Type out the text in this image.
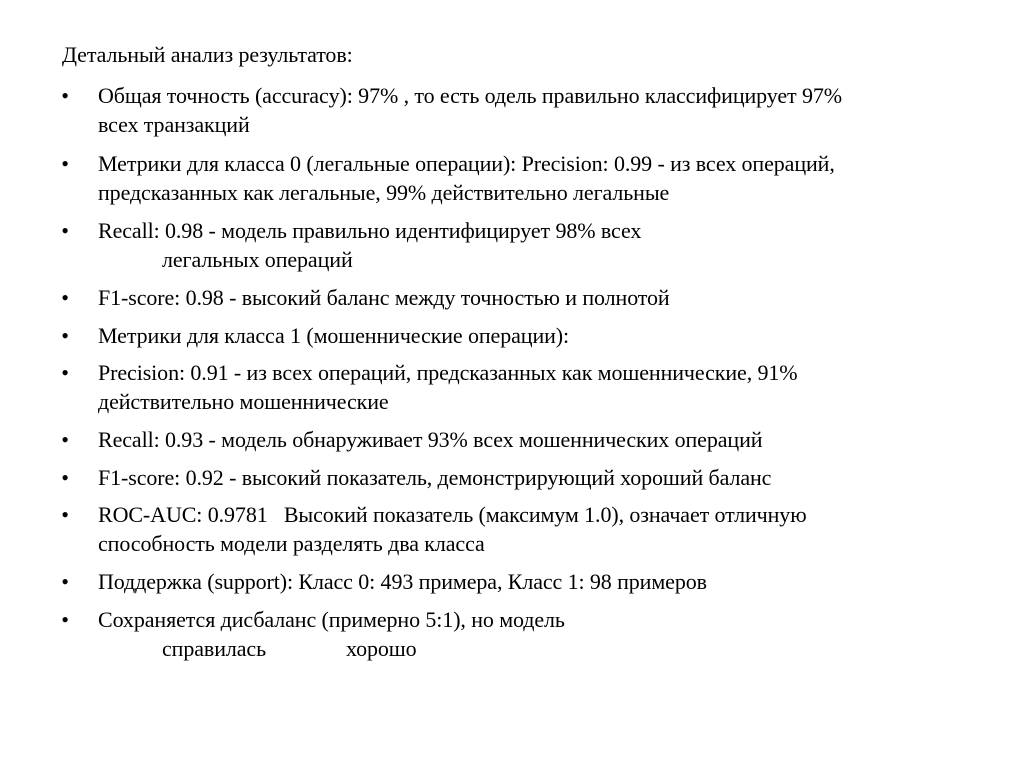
Детальный анализ результатов:
• Общая точность (accuracy): 97% , то есть одель правильно классифицирует 97%
всех транзакций
• Метрики для класса 0 (легальные операции): Precision: 0.99 - из всех операций,
предсказанных как легальные, 99% действительно легальные
• Recall: 0.98 - модель правильно идентифицирует 98% всех
легальных операций
• F1-score: 0.98 - высокий баланс между точностью и полнотой
• Метрики для класса 1 (мошеннические операции):
• Precision: 0.91 - из всех операций, предсказанных как мошеннические, 91%
действительно мошеннические
• Recall: 0.93 - модель обнаруживает 93% всех мошеннических операций
• F1-score: 0.92 - высокий показатель, демонстрирующий хороший баланс
• ROC-AUC: 0.9781   Высокий показатель (максимум 1.0), означает отличную
способность модели разделять два класса
• Поддержка (support): Класс 0: 493 примера, Класс 1: 98 примеров
• Сохраняется дисбаланс (примерно 5:1), но модель
справилась	хорошо
